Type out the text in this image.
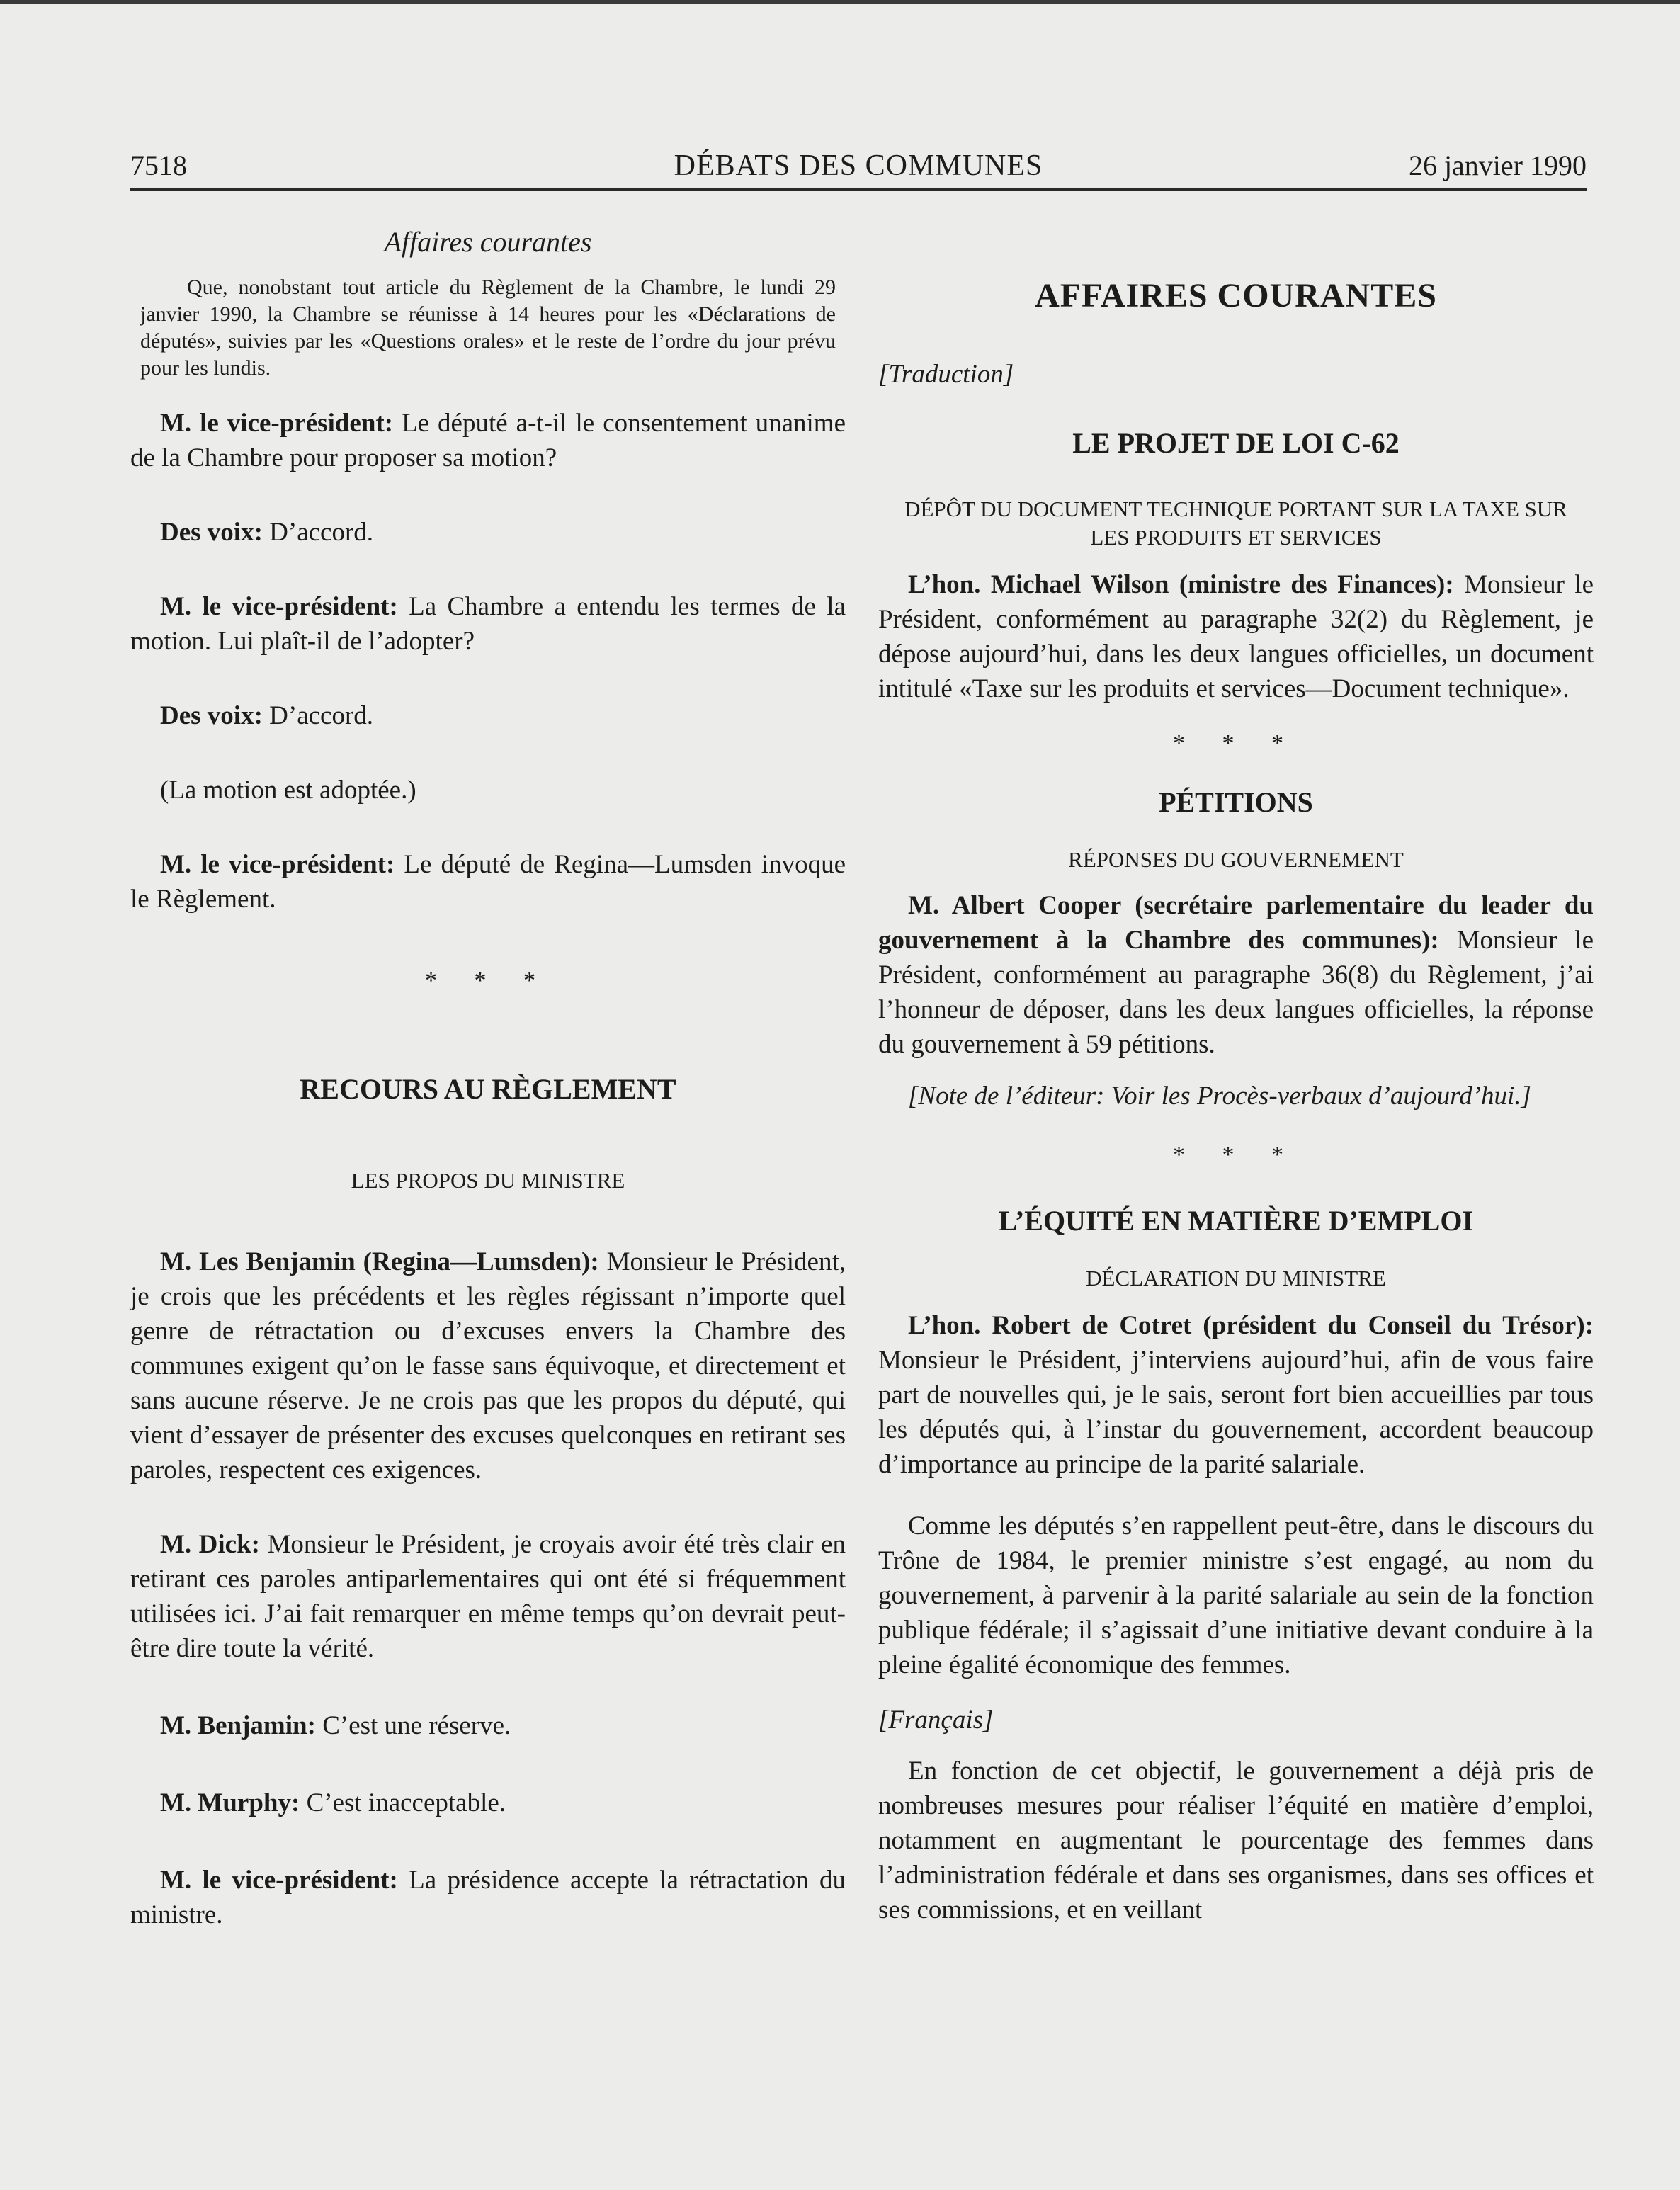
DÉBATS DES COMMUNES
7518	26 janvier 1990

Affaires courantes

Que, nonobstant tout article du Règlement de la Chambre, le lundi 29 janvier 1990, la Chambre se réunisse à 14 heures pour les «Déclarations de députés», suivies par les «Questions orales» et le reste de l’ordre du jour prévu pour les lundis.

M. le vice-président: Le député a-t-il le consentement unanime de la Chambre pour proposer sa motion?

Des voix: D’accord.

M. le vice-président: La Chambre a entendu les termes de la motion. Lui plaît-il de l’adopter?

Des voix: D’accord.

(La motion est adoptée.)

M. le vice-président: Le député de Regina—Lumsden invoque le Règlement.

* * *

RECOURS AU RÈGLEMENT

LES PROPOS DU MINISTRE

M. Les Benjamin (Regina—Lumsden): Monsieur le Président, je crois que les précédents et les règles régissant n’importe quel genre de rétractation ou d’excuses envers la Chambre des communes exigent qu’on le fasse sans équivoque, et directement et sans aucune réserve. Je ne crois pas que les propos du député, qui vient d’essayer de présenter des excuses quelconques en retirant ses paroles, respectent ces exigences.

M. Dick: Monsieur le Président, je croyais avoir été très clair en retirant ces paroles antiparlementaires qui ont été si fréquemment utilisées ici. J’ai fait remarquer en même temps qu’on devrait peut-être dire toute la vérité.

M. Benjamin: C’est une réserve.

M. Murphy: C’est inacceptable.

M. le vice-président: La présidence accepte la rétractation du ministre.

AFFAIRES COURANTES

[Traduction]

LE PROJET DE LOI C-62

DÉPÔT DU DOCUMENT TECHNIQUE PORTANT SUR LA TAXE SUR LES PRODUITS ET SERVICES

L’hon. Michael Wilson (ministre des Finances): Monsieur le Président, conformément au paragraphe 32(2) du Règlement, je dépose aujourd’hui, dans les deux langues officielles, un document intitulé «Taxe sur les produits et services—Document technique».

* * *

PÉTITIONS

RÉPONSES DU GOUVERNEMENT

M. Albert Cooper (secrétaire parlementaire du leader du gouvernement à la Chambre des communes): Monsieur le Président, conformément au paragraphe 36(8) du Règlement, j’ai l’honneur de déposer, dans les deux langues officielles, la réponse du gouvernement à 59 pétitions.

[Note de l’éditeur: Voir les Procès-verbaux d’aujourd’hui.]

* * *

L’ÉQUITÉ EN MATIÈRE D’EMPLOI

DÉCLARATION DU MINISTRE

L’hon. Robert de Cotret (président du Conseil du Trésor): Monsieur le Président, j’interviens aujourd’hui, afin de vous faire part de nouvelles qui, je le sais, seront fort bien accueillies par tous les députés qui, à l’instar du gouvernement, accordent beaucoup d’importance au principe de la parité salariale.

Comme les députés s’en rappellent peut-être, dans le discours du Trône de 1984, le premier ministre s’est engagé, au nom du gouvernement, à parvenir à la parité salariale au sein de la fonction publique fédérale; il s’agissait d’une initiative devant conduire à la pleine égalité économique des femmes.

[Français]

En fonction de cet objectif, le gouvernement a déjà pris de nombreuses mesures pour réaliser l’équité en matière d’emploi, notamment en augmentant le pourcentage des femmes dans l’administration fédérale et dans ses organismes, dans ses offices et ses commissions, et en veillant
